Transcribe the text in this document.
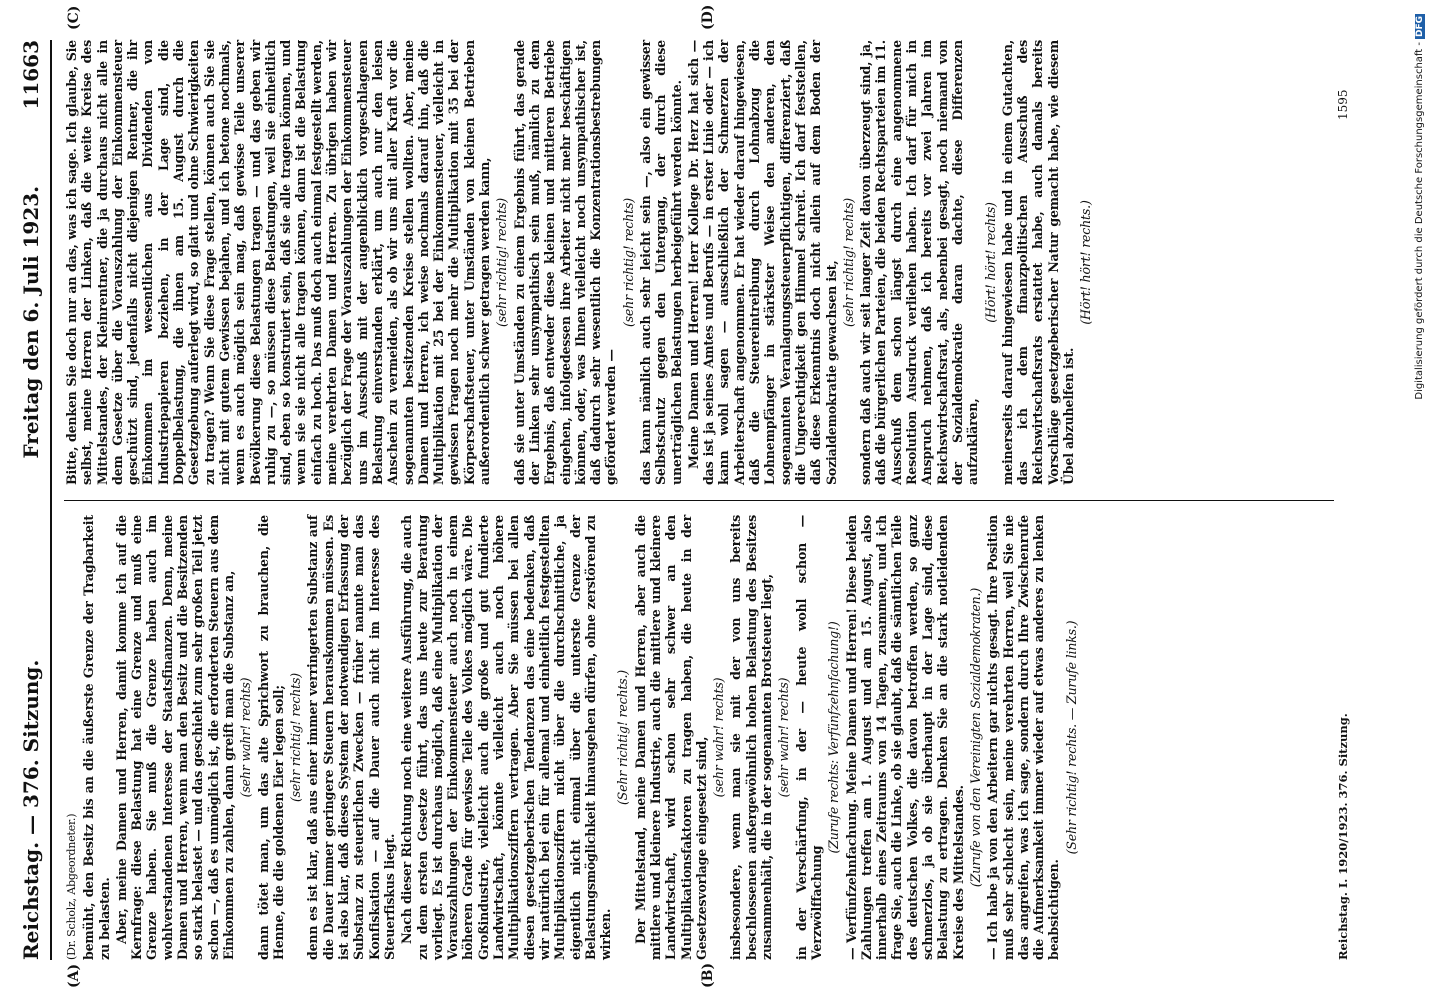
Reichstag. — 376. Sitzung.
Freitag den 6. Juli 1923.
11663
(A)	(B)
(C)	(D)

(Dr. Scholz, Abgeordneter.) bemüht, den Besitz bis an die äußerste Grenze der Tragbarkeit zu belasten. Aber, meine Damen und Herren, damit komme ich auf die Kernfrage: diese Belastung hat eine Grenze und muß eine Grenze haben. Sie muß die Grenze haben auch im wohlverstandenen Interesse der Staatsfinanzen. Denn, meine Damen und Herren, wenn man den Besitz und die Besitzenden so stark belastet — und das geschieht zum sehr großen Teil jetzt schon —, daß es unmöglich ist, die erforderten Steuern aus dem Einkommen zu zahlen, dann greift man die Substanz an, (sehr wahr! rechts) dann tötet man, um das alte Sprichwort zu brauchen, die Henne, die die goldenen Eier legen soll; (sehr richtig! rechts) denn es ist klar, daß aus einer immer verringerten Substanz auf die Dauer immer geringere Steuern herauskommen müssen. Es ist also klar, daß dieses System der notwendigen Erfassung der Substanz zu steuerlichen Zwecken — früher nannte man das Konfiskation — auf die Dauer auch nicht im Interesse des Steuerfiskus liegt. Nach dieser Richtung noch eine weitere Ausführung, die auch zu dem ersten Gesetze führt, das uns heute zur Beratung vorliegt. Es ist durchaus möglich, daß eine Multiplikation der Vorauszahlungen der Einkommensteuer auch noch in einem höheren Grade für gewisse Teile des Volkes möglich wäre. Die Großindustrie, vielleicht auch die große und gut fundierte Landwirtschaft, könnte vielleicht auch noch höhere Multiplikationsziffern vertragen. Aber Sie müssen bei allen diesen gesetzgeberischen Tendenzen das eine bedenken, daß wir natürlich bei ein für allemal und einheitlich festgestellten Multiplikationsziffern nicht über die durchschnittliche, ja eigentlich nicht einmal über die unterste Grenze der Belastungsmöglichkeit hinausgehen dürfen, ohne zerstörend zu wirken.

(Sehr richtig! rechts.) Der Mittelstand, meine Damen und Herren, aber auch die mittlere und kleinere Industrie, auch die mittlere und kleinere Landwirtschaft, wird schon sehr schwer an den Multiplikationsfaktoren zu tragen haben, die heute in der Gesetzesvorlage eingesetzt sind, (sehr wahr! rechts) insbesondere, wenn man sie mit der von uns bereits beschlossenen außergewöhnlich hohen Belastung des Besitzes zusammenhält, die in der sogenannten Brotsteuer liegt, (sehr wahr! rechts) in der Verschärfung, in der — heute wohl schon — Verzwölffachung

(Zurufe rechts: Verfünfzehnfachung!) — Verfünfzehnfachung. Meine Damen und Herren! Diese beiden Zahlungen treffen am 1. August und am 15. August, also innerhalb eines Zeitraums von 14 Tagen, zusammen, und ich frage Sie, auch die Linke, ob sie glaubt, daß die sämtlichen Teile des deutschen Volkes, die davon betroffen werden, so ganz schmerzlos, ja ob sie überhaupt in der Lage sind, diese Belastung zu ertragen. Denken Sie an die stark notleidenden Kreise des Mittelstandes. (Zurufe von den Vereinigten Sozialdemokraten.) — Ich habe ja von den Arbeitern gar nichts gesagt. Ihre Position muß sehr schlecht sein, meine verehrten Herren, weil Sie nie das angreifen, was ich sage, sondern durch Ihre Zwischenrufe die Aufmerksamkeit immer wieder auf etwas anderes zu lenken beabsichtigen.

(Sehr richtig! rechts. — Zurufe links.)

Bitte, denken Sie doch nur an das, was ich sage. Ich glaube, Sie selbst, meine Herren der Linken, daß die weite Kreise des Mittelstandes, der Kleinrentner, die ja durchaus nicht alle in dem Gesetze über die Vorauszahlung der Einkommensteuer geschützt sind, jedenfalls nicht diejenigen Rentner, die ihr Einkommen im wesentlichen aus Dividenden von Industriepapieren beziehen, in der Lage sind, die Doppelbelastung, die ihnen am 15. August durch die Gesetzgebung auferlegt wird, so glatt und ohne Schwierigkeiten zu tragen? Wenn Sie diese Frage stellen, können auch Sie sie nicht mit gutem Gewissen bejahen, und ich betone nochmals, wenn es auch möglich sein mag, daß gewisse Teile unserer Bevölkerung diese Belastungen tragen — und das geben wir ruhig zu —, so müssen diese Belastungen, weil sie einheitlich sind, eben so konstruiert sein, daß sie alle tragen können, und wenn sie sie nicht alle tragen können, dann ist die Belastung einfach zu hoch. Das muß doch auch einmal festgestellt werden, meine verehrten Damen und Herren. Zu übrigen haben wir bezüglich der Frage der Vorauszahlungen der Einkommensteuer uns im Ausschuß mit der augenblicklich vorgeschlagenen Belastung einverstanden erklärt, um auch nur den leisen Anschein zu vermeiden, als ob wir uns mit aller Kraft vor die sogenannten besitzenden Kreise stellen wollten. Aber, meine Damen und Herren, ich weise nochmals darauf hin, daß die Multiplikation mit 25 bei der Einkommensteuer, vielleicht in gewissen Fragen noch mehr die Multiplikation mit 35 bei der Körperschaftsteuer, unter Umständen von kleinen Betrieben außerordentlich schwer getragen werden kann, (sehr richtig! rechts) daß sie unter Umständen zu einem Ergebnis führt, das gerade der Linken sehr unsympathisch sein muß, nämlich zu dem Ergebnis, daß entweder diese kleinen und mittleren Betriebe eingehen, infolgedessen ihre Arbeiter nicht mehr beschäftigen können, oder, was Ihnen vielleicht noch unsympathischer ist, daß dadurch sehr wesentlich die Konzentrationsbestrebungen gefördert werden —

(sehr richtig! rechts) das kann nämlich auch sehr leicht sein —, also ein gewisser Selbstschutz gegen den Untergang, der durch diese unerträglichen Belastungen herbeigeführt werden könnte. Meine Damen und Herren! Herr Kollege Dr. Herz hat sich — das ist ja seines Amtes und Berufs — in erster Linie oder — ich kann wohl sagen — ausschließlich der Schmerzen der Arbeiterschaft angenommen. Er hat wieder darauf hingewiesen, daß die Steuereintreibung durch Lohnabzug die Lohnempfänger in stärkster Weise den anderen, den sogenannten Veranlagungssteuerpflichtigen, differenziert, daß die Ungerechtigkeit gen Himmel schreit. Ich darf feststellen, daß diese Erkenntnis doch nicht allein auf dem Boden der Sozialdemokratie gewachsen ist, (sehr richtig! rechts) sondern daß auch wir seit langer Zeit davon überzeugt sind, ja, daß die bürgerlichen Parteien, die beiden Rechtsparteien im 11. Ausschuß dem schon längst durch eine angenommene Resolution Ausdruck verliehen haben. Ich darf für mich in Anspruch nehmen, daß ich bereits vor zwei Jahren im Reichswirtschaftsrat, als, nebenbei gesagt, noch niemand von der Sozialdemokratie daran dachte, diese Differenzen aufzuklären,

(Hört! hört! rechts) meinerseits darauf hingewiesen habe und in einem Gutachten, das ich dem finanzpolitischen Ausschuß des Reichswirtschaftsrats erstattet habe, auch damals bereits Vorschläge gesetzgeberischer Natur gemacht habe, wie diesem Übel abzuhelfen ist.

(Hört! hört! rechts.)

Reichstag. I. 1920/1923. 376. Sitzung.
1595	Digitalisierung gefördert durch die Deutsche Forschungsgemeinschaft -DFG
